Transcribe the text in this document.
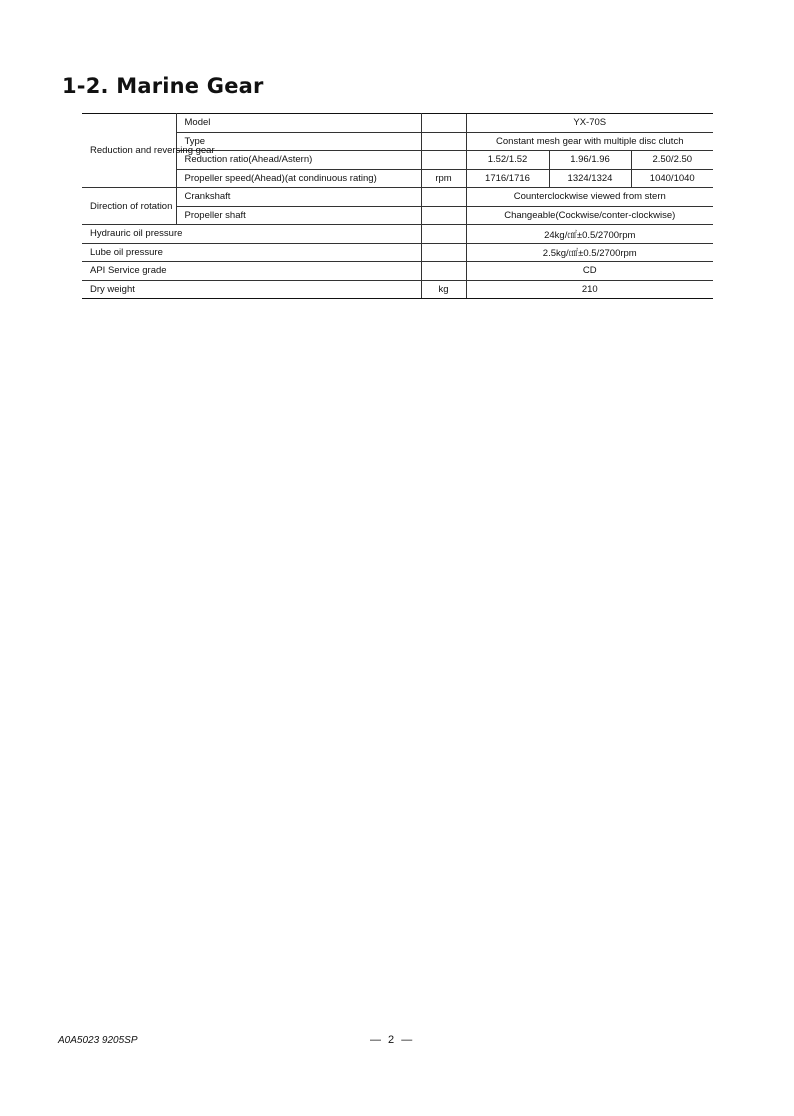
1-2. Marine Gear
Reduction and reversing gear	Model		YX-70S		
	Type		Constant mesh gear with multiple disc clutch		
	Reduction ratio(Ahead/Astern)		1.52/1.52	1.96/1.96	2.50/2.50
	Propeller speed(Ahead)(at condinuous rating)	rpm	1716/1716	1324/1324	1040/1040
Direction of rotation	Crankshaft		Counterclockwise viewed from stern		
	Propeller shaft		Changeable(Cockwise/conter-clockwise)		
Hydrauric oil pressure			24kg/㎠±0.5/2700rpm		
Lube oil pressure			2.5kg/㎠±0.5/2700rpm		
API Service grade			CD		
Dry weight		kg	210		
A0A5023 9205SP	— 2 —
